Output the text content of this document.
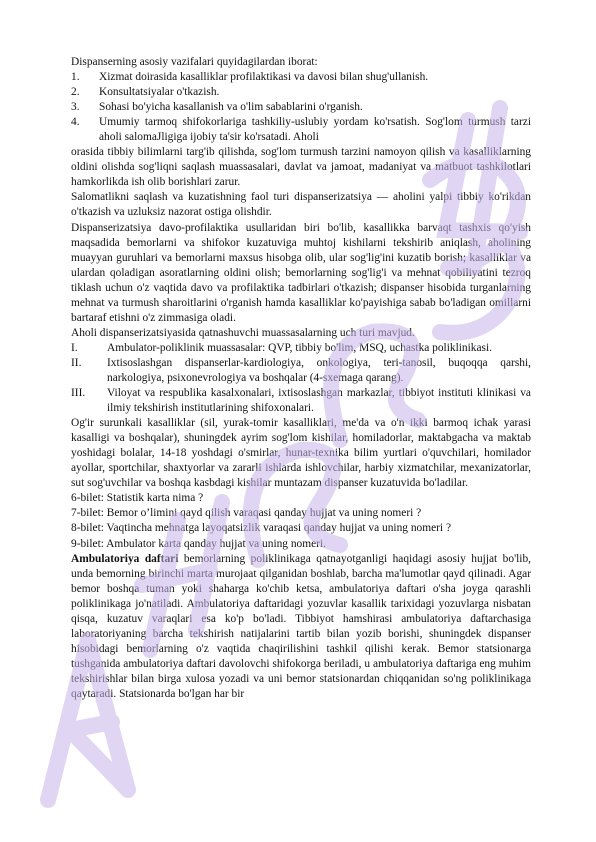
Dispanserning asosiy vazifalari quyidagilardan iborat:

1.	Xizmat doirasida kasalliklar profilaktikasi va davosi bilan shug'ullanish.
2.	Konsultatsiyalar o'tkazish.
3.	Sohasi bo'yicha kasallanish va o'lim sabablarini o'rganish.
4.	Umumiy tarmoq shifokorlariga tashkiliy-uslubiy yordam ko'rsatish. Sog'lom turmush tarzi aholi salomaJligiga ijobiy ta'sir ko'rsatadi. Aholi

orasida tibbiy bilimlarni targ'ib qilishda, sog'lom turmush tarzini namoyon qilish va kasalliklarning oldini olishda sog'liqni saqlash muassasalari, davlat va jamoat, madaniyat va matbuot tashkilotlari hamkorlikda ish olib borishlari zarur.

Salomatlikni saqlash va kuzatishning faol turi dispanserizatsiya — aholini yalpi tibbiy ko'rikdan o'tkazish va uzluksiz nazorat ostiga olishdir.

Dispanserizatsiya davo-profilaktika usullaridan biri bo'lib, kasallikka barvaqt tashxis qo'yish maqsadida bemorlarni va shifokor kuzatuviga muhtoj kishilarni tekshirib aniqlash, aholining muayyan guruhlari va bemorlarni maxsus hisobga olib, ular sog'lig'ini kuzatib borish; kasalliklar va ulardan qoladigan asoratlarning oldini olish; bemorlarning sog'lig'i va mehnat qobiliyatini tezroq tiklash uchun o'z vaqtida davo va profilaktika tadbirlari o'tkazish; dispanser hisobida turganlarning mehnat va turmush sharoitlarini o'rganish hamda kasalliklar ko'payishiga sabab bo'ladigan omillarni bartaraf etishni o'z zimmasiga oladi.

Aholi dispanserizatsiyasida qatnashuvchi muassasalarning uch turi mavjud.

I.	Ambulator-poliklinik muassasalar: QVP, tibbiy bo'lim, MSQ, uchastka poliklinikasi.
II.	Ixtisoslashgan dispanserlar-kardiologiya, onkologiya, teri-tanosil, buqoqqa qarshi, narkologiya, psixonevrologiya va boshqalar (4-sxemaga qarang).
III.	Viloyat va respublika kasalxonalari, ixtisoslashgan markazlar, tibbiyot instituti klinikasi va ilmiy tekshirish institutlarining shifoxonalari.

Og'ir surunkali kasalliklar (sil, yurak-tomir kasalliklari, me'da va o'n ikki barmoq ichak yarasi kasalligi va boshqalar), shuningdek ayrim sog'lom kishilar, homiladorlar, maktabgacha va maktab yoshidagi bolalar, 14-18 yoshdagi o'smirlar, hunar-texnika bilim yurtlari o'quvchilari, homilador ayollar, sportchilar, shaxtyorlar va zararli ishlarda ishlovchilar, harbiy xizmatchilar, mexanizatorlar, sut sog'uvchilar va boshqa kasbdagi kishilar muntazam dispanser kuzatuvida bo'ladilar.

6-bilet: Statistik karta nima ?

7-bilet: Bemor o’limini qayd qilish varaqasi qanday hujjat va uning nomeri ?

8-bilet: Vaqtincha mehnatga layoqatsizlik varaqasi qanday hujjat va uning nomeri ?

9-bilet: Ambulator karta qanday hujjat va uning nomeri.

Ambulatoriya daftari bemorlarning poliklinikaga qatnayotganligi haqidagi asosiy hujjat bo'lib, unda bemorning birinchi marta murojaat qilganidan boshlab, barcha ma'lumotlar qayd qilinadi. Agar bemor boshqa tuman yoki shaharga ko'chib ketsa, ambulatoriya daftari o'sha joyga qarashli poliklinikaga jo'natiladi. Ambulatoriya daftaridagi yozuvlar kasallik tarixidagi yozuvlarga nisbatan qisqa, kuzatuv varaqlari esa ko'p bo'ladi. Tibbiyot hamshirasi ambulatoriya daftarchasiga laboratoriyaning barcha tekshirish natijalarini tartib bilan yozib borishi, shuningdek dispanser hisobidagi bemorlarning o'z vaqtida chaqirilishini tashkil qilishi kerak. Bemor statsionarga tushganida ambulatoriya daftari davolovchi shifokorga beriladi, u ambulatoriya daftariga eng muhim tekshirishlar bilan birga xulosa yozadi va uni bemor statsionardan chiqqanidan so'ng poliklinikaga qaytaradi. Statsionarda bo'lgan har bir
